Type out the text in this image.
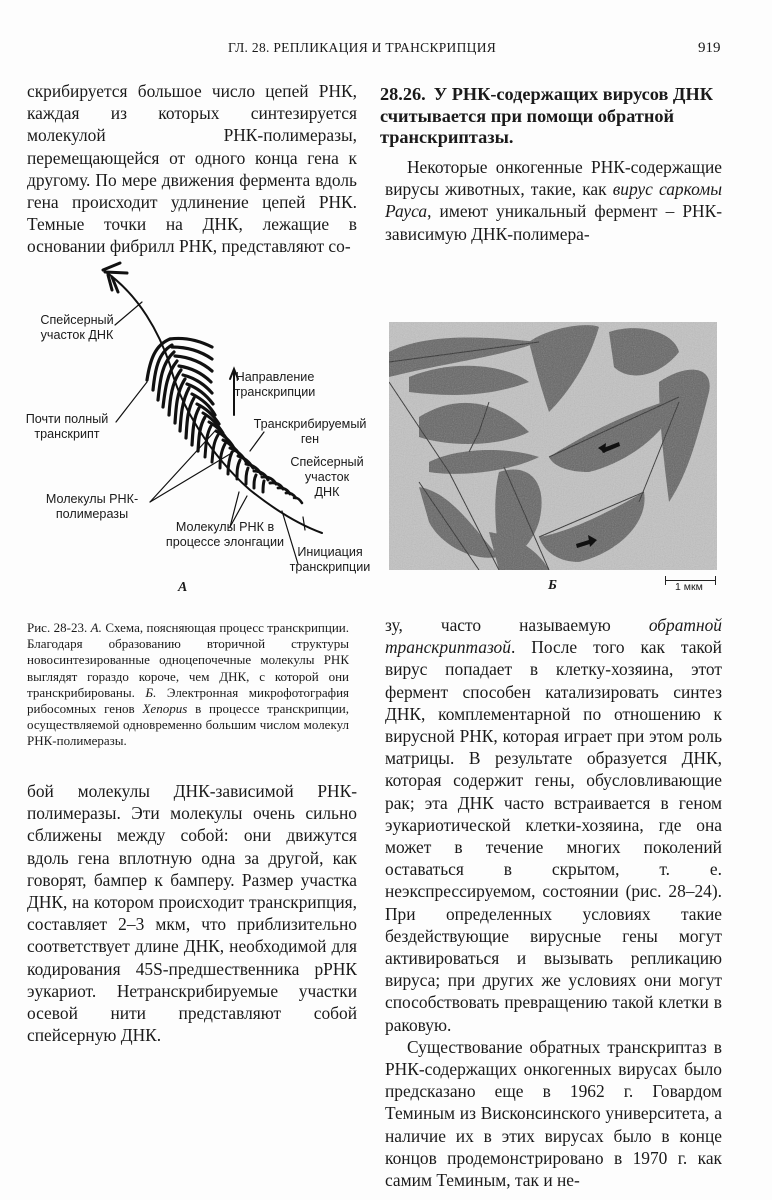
ГЛ. 28. РЕПЛИКАЦИЯ И ТРАНСКРИПЦИЯ	919

скрибируется большое число цепей РНК, каждая из которых синтезируется молекулой РНК-полимеразы, перемещающейся от одного конца гена к другому. По мере движения фермента вдоль гена происходит удлинение цепей РНК. Темные точки на ДНК, лежащие в основании фибрилл РНК, представляют со-

28.26. У РНК-содержащих вирусов ДНК считывается при помощи обратной транскриптазы.

Некоторые онкогенные РНК-содержащие вирусы животных, такие, как вирус саркомы Рауса, имеют уникальный фермент – РНК-зависимую ДНК-полимера-

Спейсерный
участок ДНК
Направление
транскрипции
Почти полный
транскрипт
Транскрибируемый
ген
Спейсерный
участок
ДНК
Молекулы РНК-
полимеразы
Молекулы РНК в
процессе элонгации
Инициация
транскрипции
А	Б	1 мкм
Рис. 28-23. А. Схема, поясняющая процесс транскрипции. Благодаря образованию вторичной структуры новосинтезированные одноцепочечные молекулы РНК выглядят гораздо короче, чем ДНК, с которой они транскрибированы. Б. Электронная микрофотография рибосомных генов Xenopus в процессе транскрипции, осуществляемой одновременно большим числом молекул РНК-полимеразы.

бой молекулы ДНК-зависимой РНК-полимеразы. Эти молекулы очень сильно сближены между собой: они движутся вдоль гена вплотную одна за другой, как говорят, бампер к бамперу. Размер участка ДНК, на котором происходит транскрипция, составляет 2–3 мкм, что приблизительно соответствует длине ДНК, необходимой для кодирования 45S-предшественника рРНК эукариот. Нетранскрибируемые участки осевой нити представляют собой спейсерную ДНК.

зу, часто называемую обратной транскриптазой. После того как такой вирус попадает в клетку-хозяина, этот фермент способен катализировать синтез ДНК, комплементарной по отношению к вирусной РНК, которая играет при этом роль матрицы. В результате образуется ДНК, которая содержит гены, обусловливающие рак; эта ДНК часто встраивается в геном эукариотической клетки-хозяина, где она может в течение многих поколений оставаться в скрытом, т. е. неэкспрессируемом, состоянии (рис. 28–24). При определенных условиях такие бездействующие вирусные гены могут активироваться и вызывать репликацию вируса; при других же условиях они могут способствовать превращению такой клетки в раковую.

Существование обратных транскриптаз в РНК-содержащих онкогенных вирусах было предсказано еще в 1962 г. Говардом Теминым из Висконсинского университета, а наличие их в этих вирусах было в конце концов продемонстрировано в 1970 г. как самим Теминым, так и не-
